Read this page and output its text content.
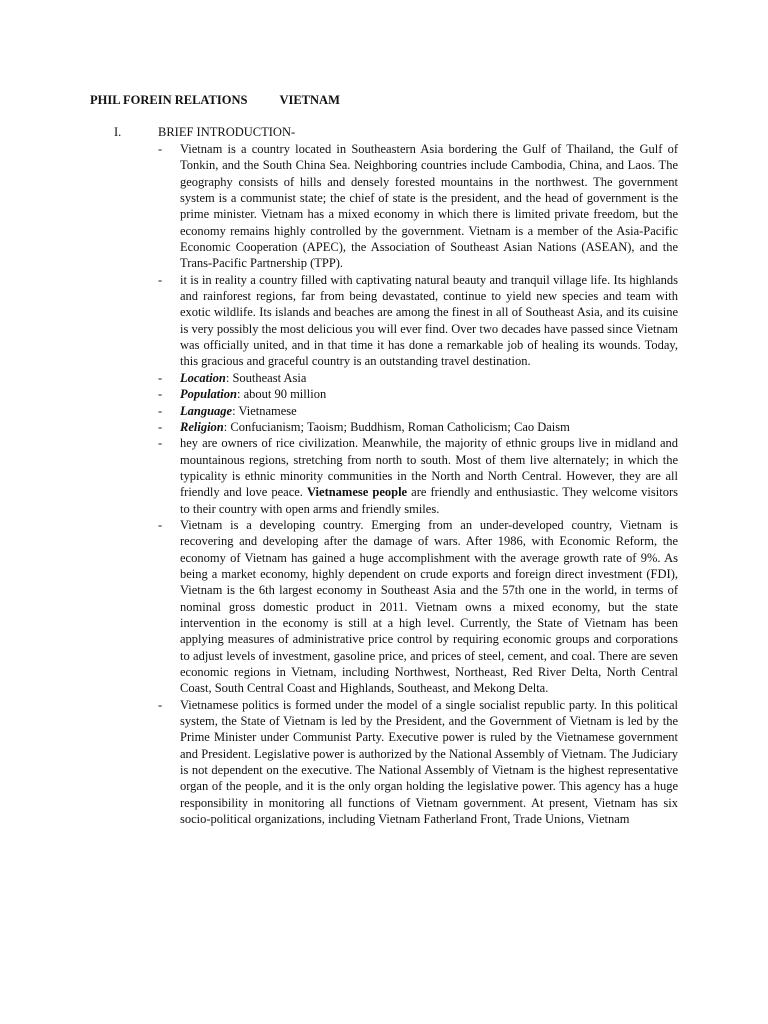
PHIL FOREIN RELATIONS	VIETNAM
I.	BRIEF INTRODUCTION-
- Vietnam is a country located in Southeastern Asia bordering the Gulf of Thailand, the Gulf of Tonkin, and the South China Sea. Neighboring countries include Cambodia, China, and Laos. The geography consists of hills and densely forested mountains in the northwest. The government system is a communist state; the chief of state is the president, and the head of government is the prime minister. Vietnam has a mixed economy in which there is limited private freedom, but the economy remains highly controlled by the government. Vietnam is a member of the Asia-Pacific Economic Cooperation (APEC), the Association of Southeast Asian Nations (ASEAN), and the Trans-Pacific Partnership (TPP).
- it is in reality a country filled with captivating natural beauty and tranquil village life. Its highlands and rainforest regions, far from being devastated, continue to yield new species and team with exotic wildlife. Its islands and beaches are among the finest in all of Southeast Asia, and its cuisine is very possibly the most delicious you will ever find. Over two decades have passed since Vietnam was officially united, and in that time it has done a remarkable job of healing its wounds. Today, this gracious and graceful country is an outstanding travel destination.
- Location: Southeast Asia
- Population: about 90 million
- Language: Vietnamese
- Religion: Confucianism; Taoism; Buddhism, Roman Catholicism; Cao Daism
- hey are owners of rice civilization. Meanwhile, the majority of ethnic groups live in midland and mountainous regions, stretching from north to south. Most of them live alternately; in which the typicality is ethnic minority communities in the North and North Central. However, they are all friendly and love peace. Vietnamese people are friendly and enthusiastic. They welcome visitors to their country with open arms and friendly smiles.
- Vietnam is a developing country. Emerging from an under-developed country, Vietnam is recovering and developing after the damage of wars. After 1986, with Economic Reform, the economy of Vietnam has gained a huge accomplishment with the average growth rate of 9%. As being a market economy, highly dependent on crude exports and foreign direct investment (FDI), Vietnam is the 6th largest economy in Southeast Asia and the 57th one in the world, in terms of nominal gross domestic product in 2011. Vietnam owns a mixed economy, but the state intervention in the economy is still at a high level. Currently, the State of Vietnam has been applying measures of administrative price control by requiring economic groups and corporations to adjust levels of investment, gasoline price, and prices of steel, cement, and coal. There are seven economic regions in Vietnam, including Northwest, Northeast, Red River Delta, North Central Coast, South Central Coast and Highlands, Southeast, and Mekong Delta.
- Vietnamese politics is formed under the model of a single socialist republic party. In this political system, the State of Vietnam is led by the President, and the Government of Vietnam is led by the Prime Minister under Communist Party. Executive power is ruled by the Vietnamese government and President. Legislative power is authorized by the National Assembly of Vietnam. The Judiciary is not dependent on the executive. The National Assembly of Vietnam is the highest representative organ of the people, and it is the only organ holding the legislative power. This agency has a huge responsibility in monitoring all functions of Vietnam government. At present, Vietnam has six socio-political organizations, including Vietnam Fatherland Front, Trade Unions, Vietnam
